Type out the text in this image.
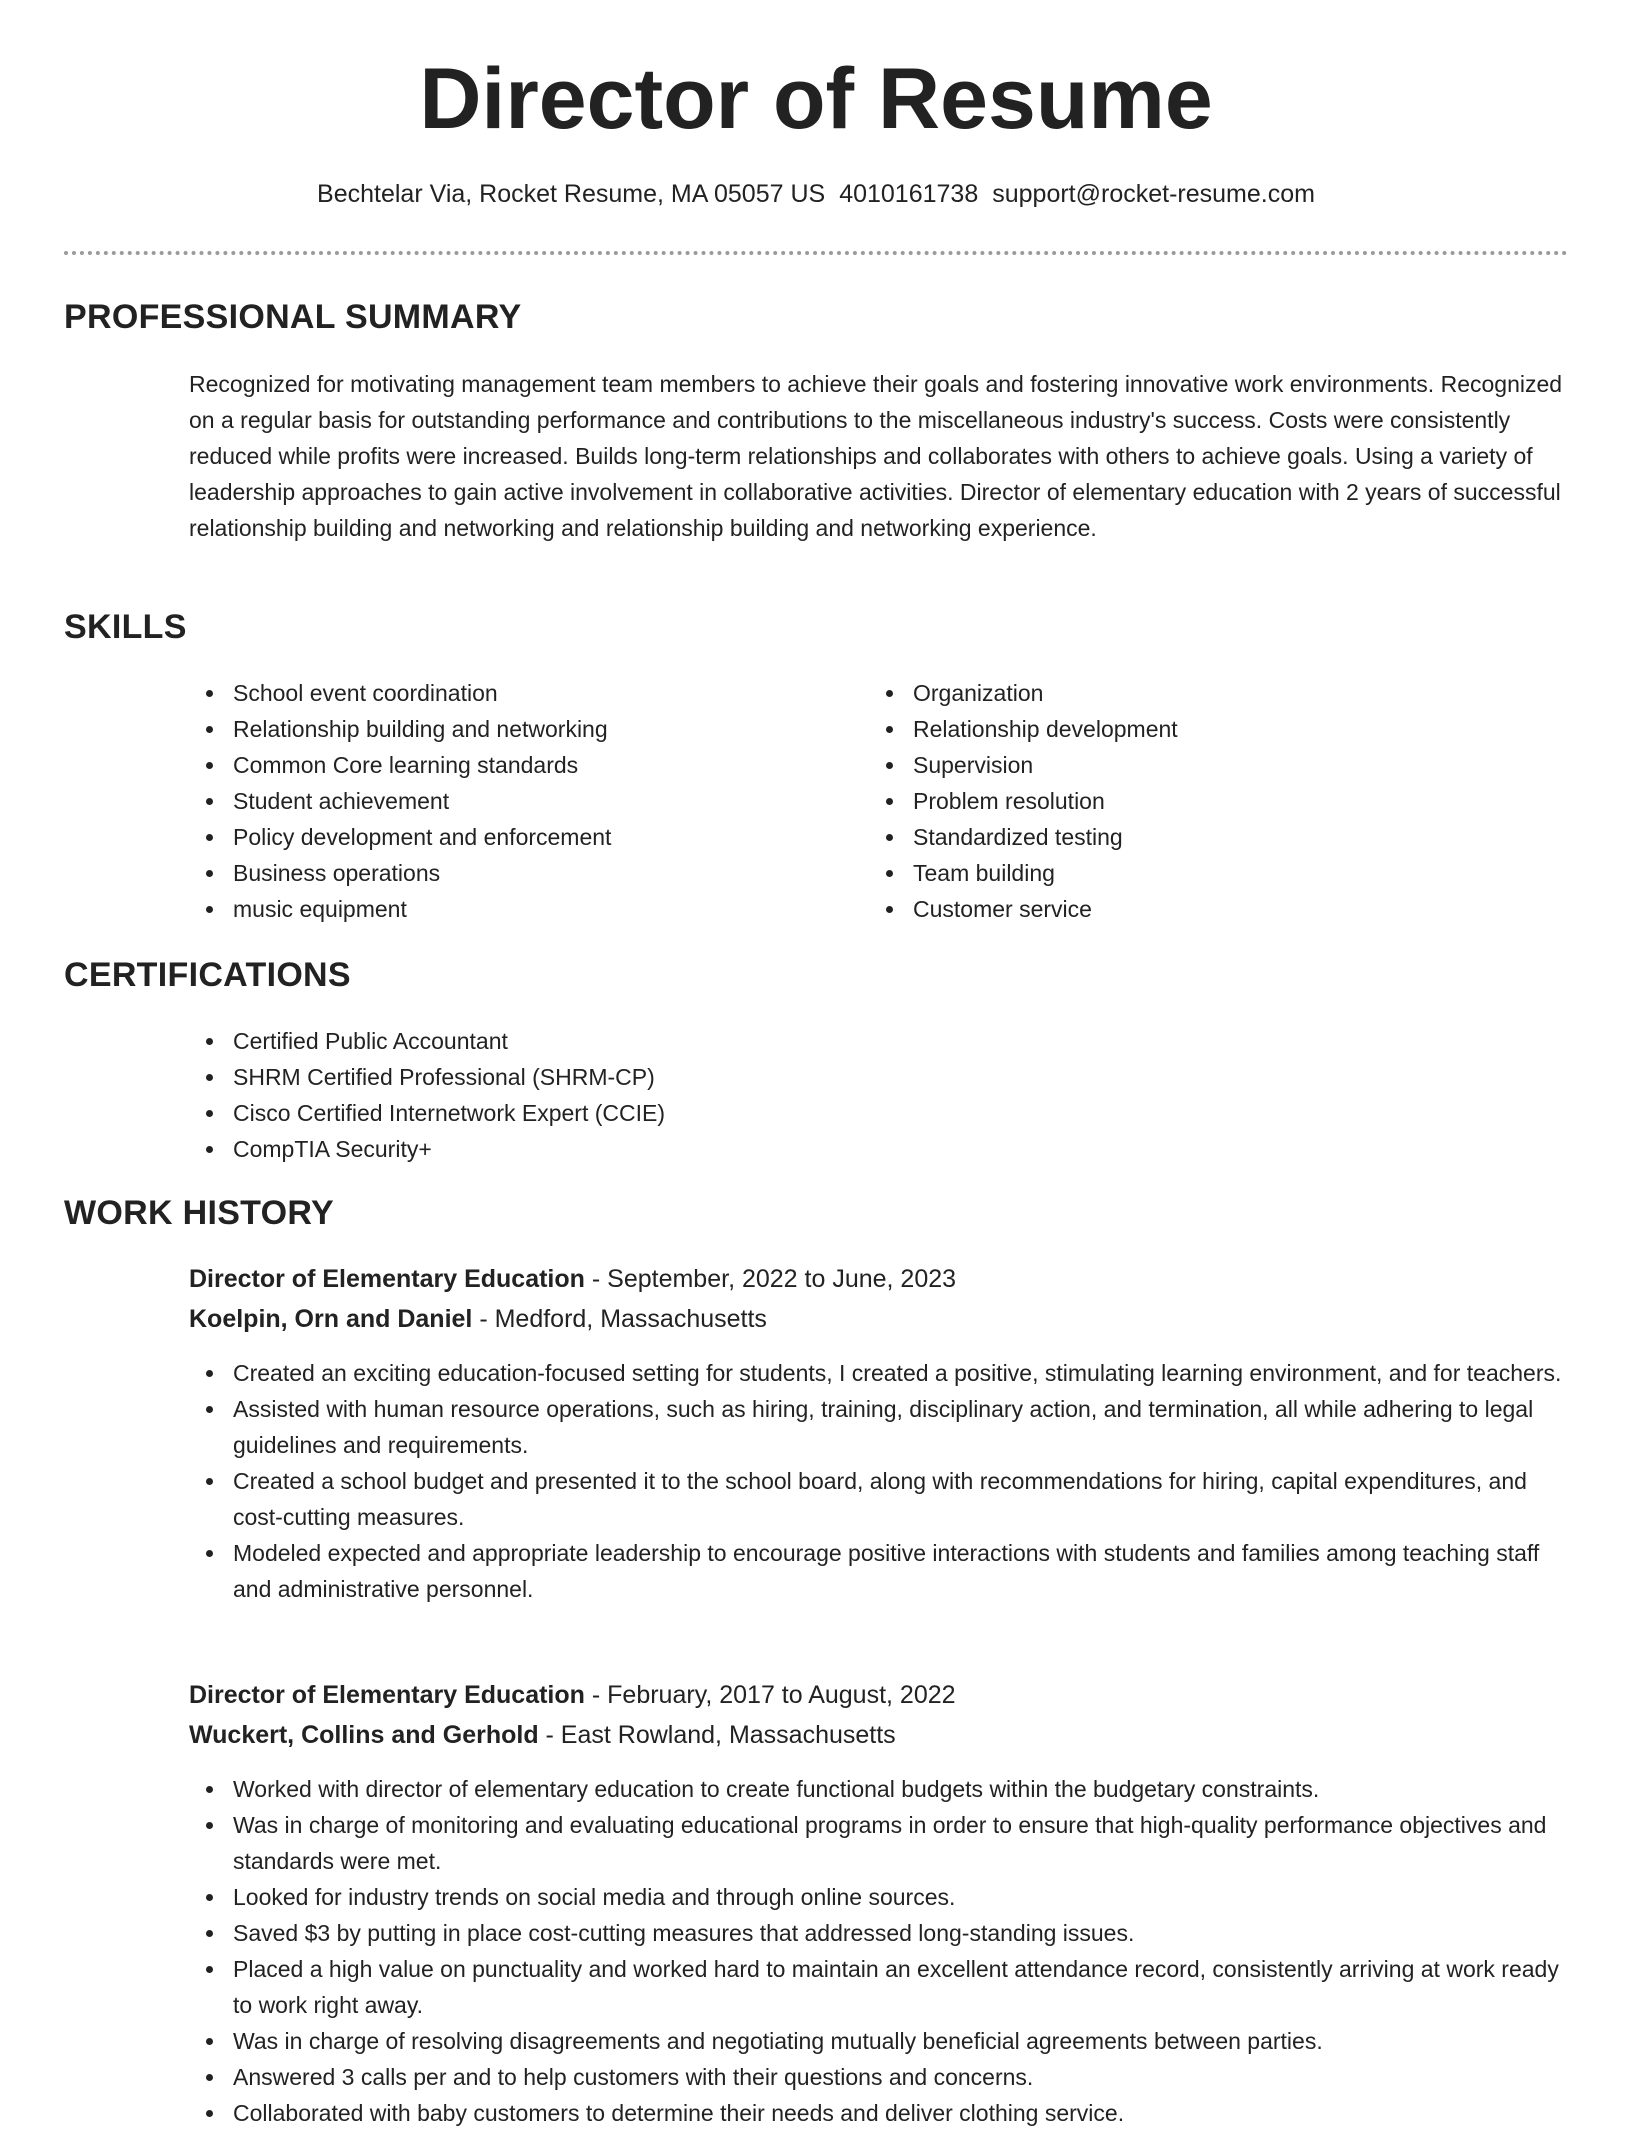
Director of Resume
Bechtelar Via, Rocket Resume, MA 05057 US 4010161738 support@rocket-resume.com
PROFESSIONAL SUMMARY
Recognized for motivating management team members to achieve their goals and fostering innovative work environments. Recognized on a regular basis for outstanding performance and contributions to the miscellaneous industry's success. Costs were consistently reduced while profits were increased. Builds long-term relationships and collaborates with others to achieve goals. Using a variety of leadership approaches to gain active involvement in collaborative activities. Director of elementary education with 2 years of successful relationship building and networking and relationship building and networking experience.
SKILLS
School event coordination
Relationship building and networking
Common Core learning standards
Student achievement
Policy development and enforcement
Business operations
music equipment
Organization
Relationship development
Supervision
Problem resolution
Standardized testing
Team building
Customer service
CERTIFICATIONS
Certified Public Accountant
SHRM Certified Professional (SHRM-CP)
Cisco Certified Internetwork Expert (CCIE)
CompTIA Security+
WORK HISTORY
Director of Elementary Education - September, 2022 to June, 2023
Koelpin, Orn and Daniel - Medford, Massachusetts
Created an exciting education-focused setting for students, I created a positive, stimulating learning environment, and for teachers.
Assisted with human resource operations, such as hiring, training, disciplinary action, and termination, all while adhering to legal guidelines and requirements.
Created a school budget and presented it to the school board, along with recommendations for hiring, capital expenditures, and cost-cutting measures.
Modeled expected and appropriate leadership to encourage positive interactions with students and families among teaching staff and administrative personnel.
Director of Elementary Education - February, 2017 to August, 2022
Wuckert, Collins and Gerhold - East Rowland, Massachusetts
Worked with director of elementary education to create functional budgets within the budgetary constraints.
Was in charge of monitoring and evaluating educational programs in order to ensure that high-quality performance objectives and standards were met.
Looked for industry trends on social media and through online sources.
Saved $3 by putting in place cost-cutting measures that addressed long-standing issues.
Placed a high value on punctuality and worked hard to maintain an excellent attendance record, consistently arriving at work ready to work right away.
Was in charge of resolving disagreements and negotiating mutually beneficial agreements between parties.
Answered 3 calls per and to help customers with their questions and concerns.
Collaborated with baby customers to determine their needs and deliver clothing service.
